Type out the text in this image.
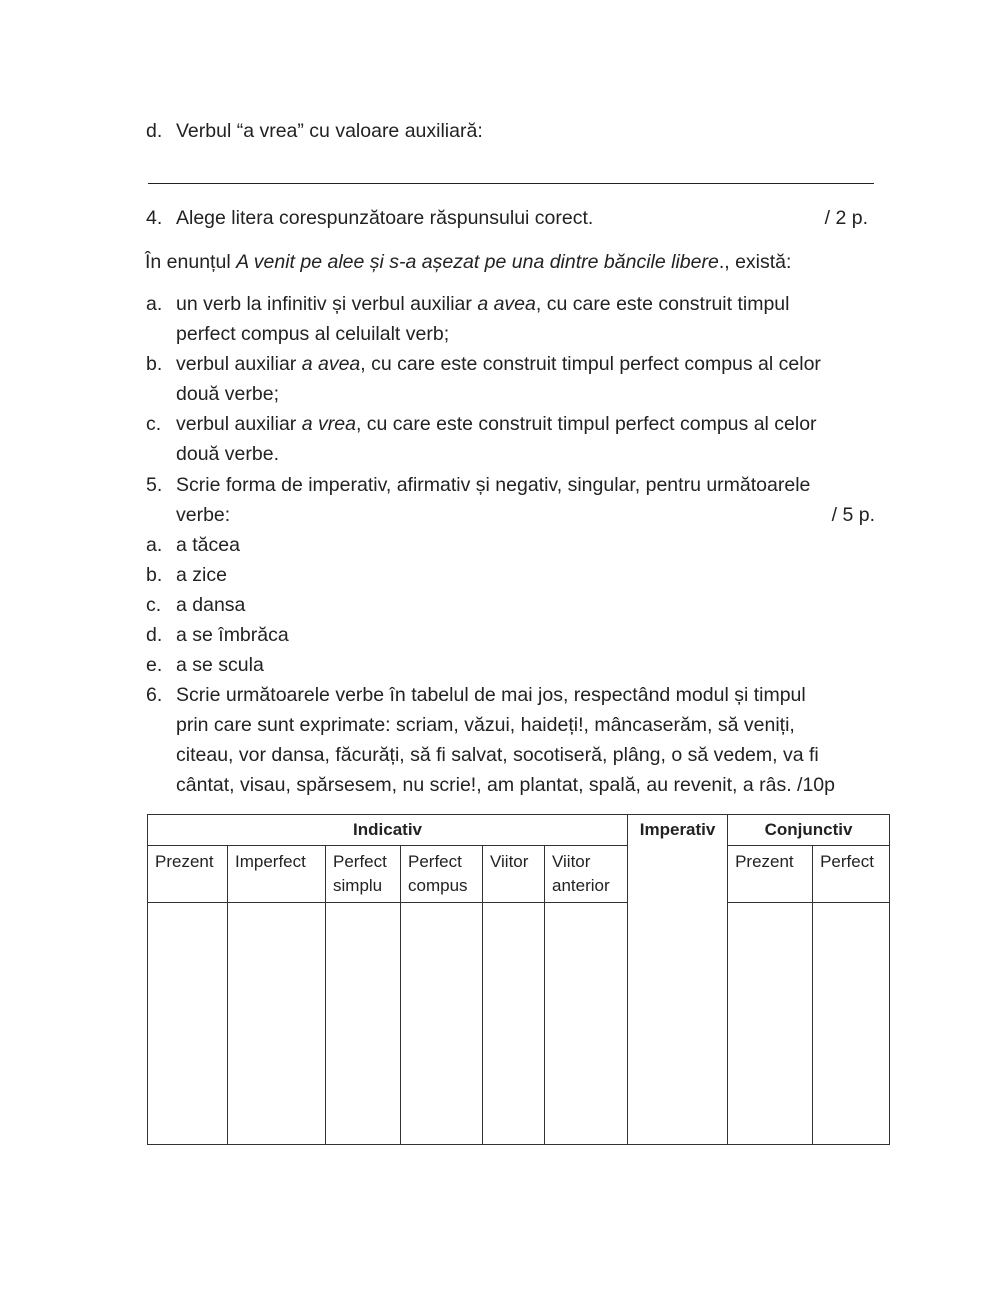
d. Verbul “a vrea” cu valoare auxiliară:
4. Alege litera corespunzătoare răspunsului corect.	/ 2 p.
În enunțul A venit pe alee și s-a așezat pe una dintre băncile libere., există:
a. un verb la infinitiv și verbul auxiliar a avea, cu care este construit timpul
perfect compus al celuilalt verb;
b. verbul auxiliar a avea, cu care este construit timpul perfect compus al celor
două verbe;
c. verbul auxiliar a vrea, cu care este construit timpul perfect compus al celor
două verbe.
5. Scrie forma de imperativ, afirmativ și negativ, singular, pentru următoarele
verbe:	/ 5 p.
a. a tăcea
b. a zice
c. a dansa
d. a se îmbrăca
e. a se scula
6. Scrie următoarele verbe în tabelul de mai jos, respectând modul și timpul
prin care sunt exprimate: scriam, văzui, haideți!, mâncaserăm, să veniți,
citeau, vor dansa, făcurăți, să fi salvat, socotiseră, plâng, o să vedem, va fi
cântat, visau, spărsesem, nu scrie!, am plantat, spală, au revenit, a râs. /10p
Indicativ						Imperativ	Conjunctiv	
Prezent	Imperfect	Perfect simplu	Perfect compus	Viitor	Viitor anterior		Prezent	Perfect
